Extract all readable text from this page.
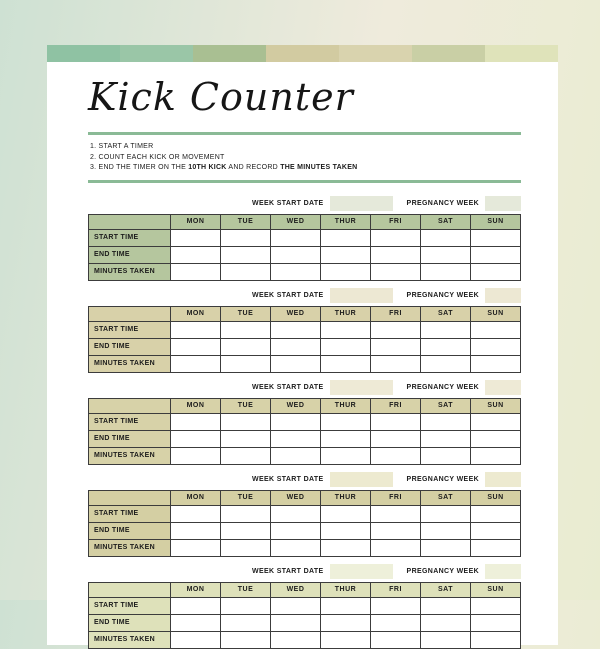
Kick Counter
1. START A TIMER
2. COUNT EACH KICK OR MOVEMENT
3. END THE TIMER ON THE 10TH KICK AND RECORD THE MINUTES TAKEN
WEEK START DATE	PREGNANCY WEEK
	MON	TUE	WED	THUR	FRI	SAT	SUN
START TIME							
END TIME							
MINUTES TAKEN							
WEEK START DATE	PREGNANCY WEEK
	MON	TUE	WED	THUR	FRI	SAT	SUN
START TIME							
END TIME							
MINUTES TAKEN							
WEEK START DATE	PREGNANCY WEEK
	MON	TUE	WED	THUR	FRI	SAT	SUN
START TIME							
END TIME							
MINUTES TAKEN							
WEEK START DATE	PREGNANCY WEEK
	MON	TUE	WED	THUR	FRI	SAT	SUN
START TIME							
END TIME							
MINUTES TAKEN							
WEEK START DATE	PREGNANCY WEEK
	MON	TUE	WED	THUR	FRI	SAT	SUN
START TIME							
END TIME							
MINUTES TAKEN							
